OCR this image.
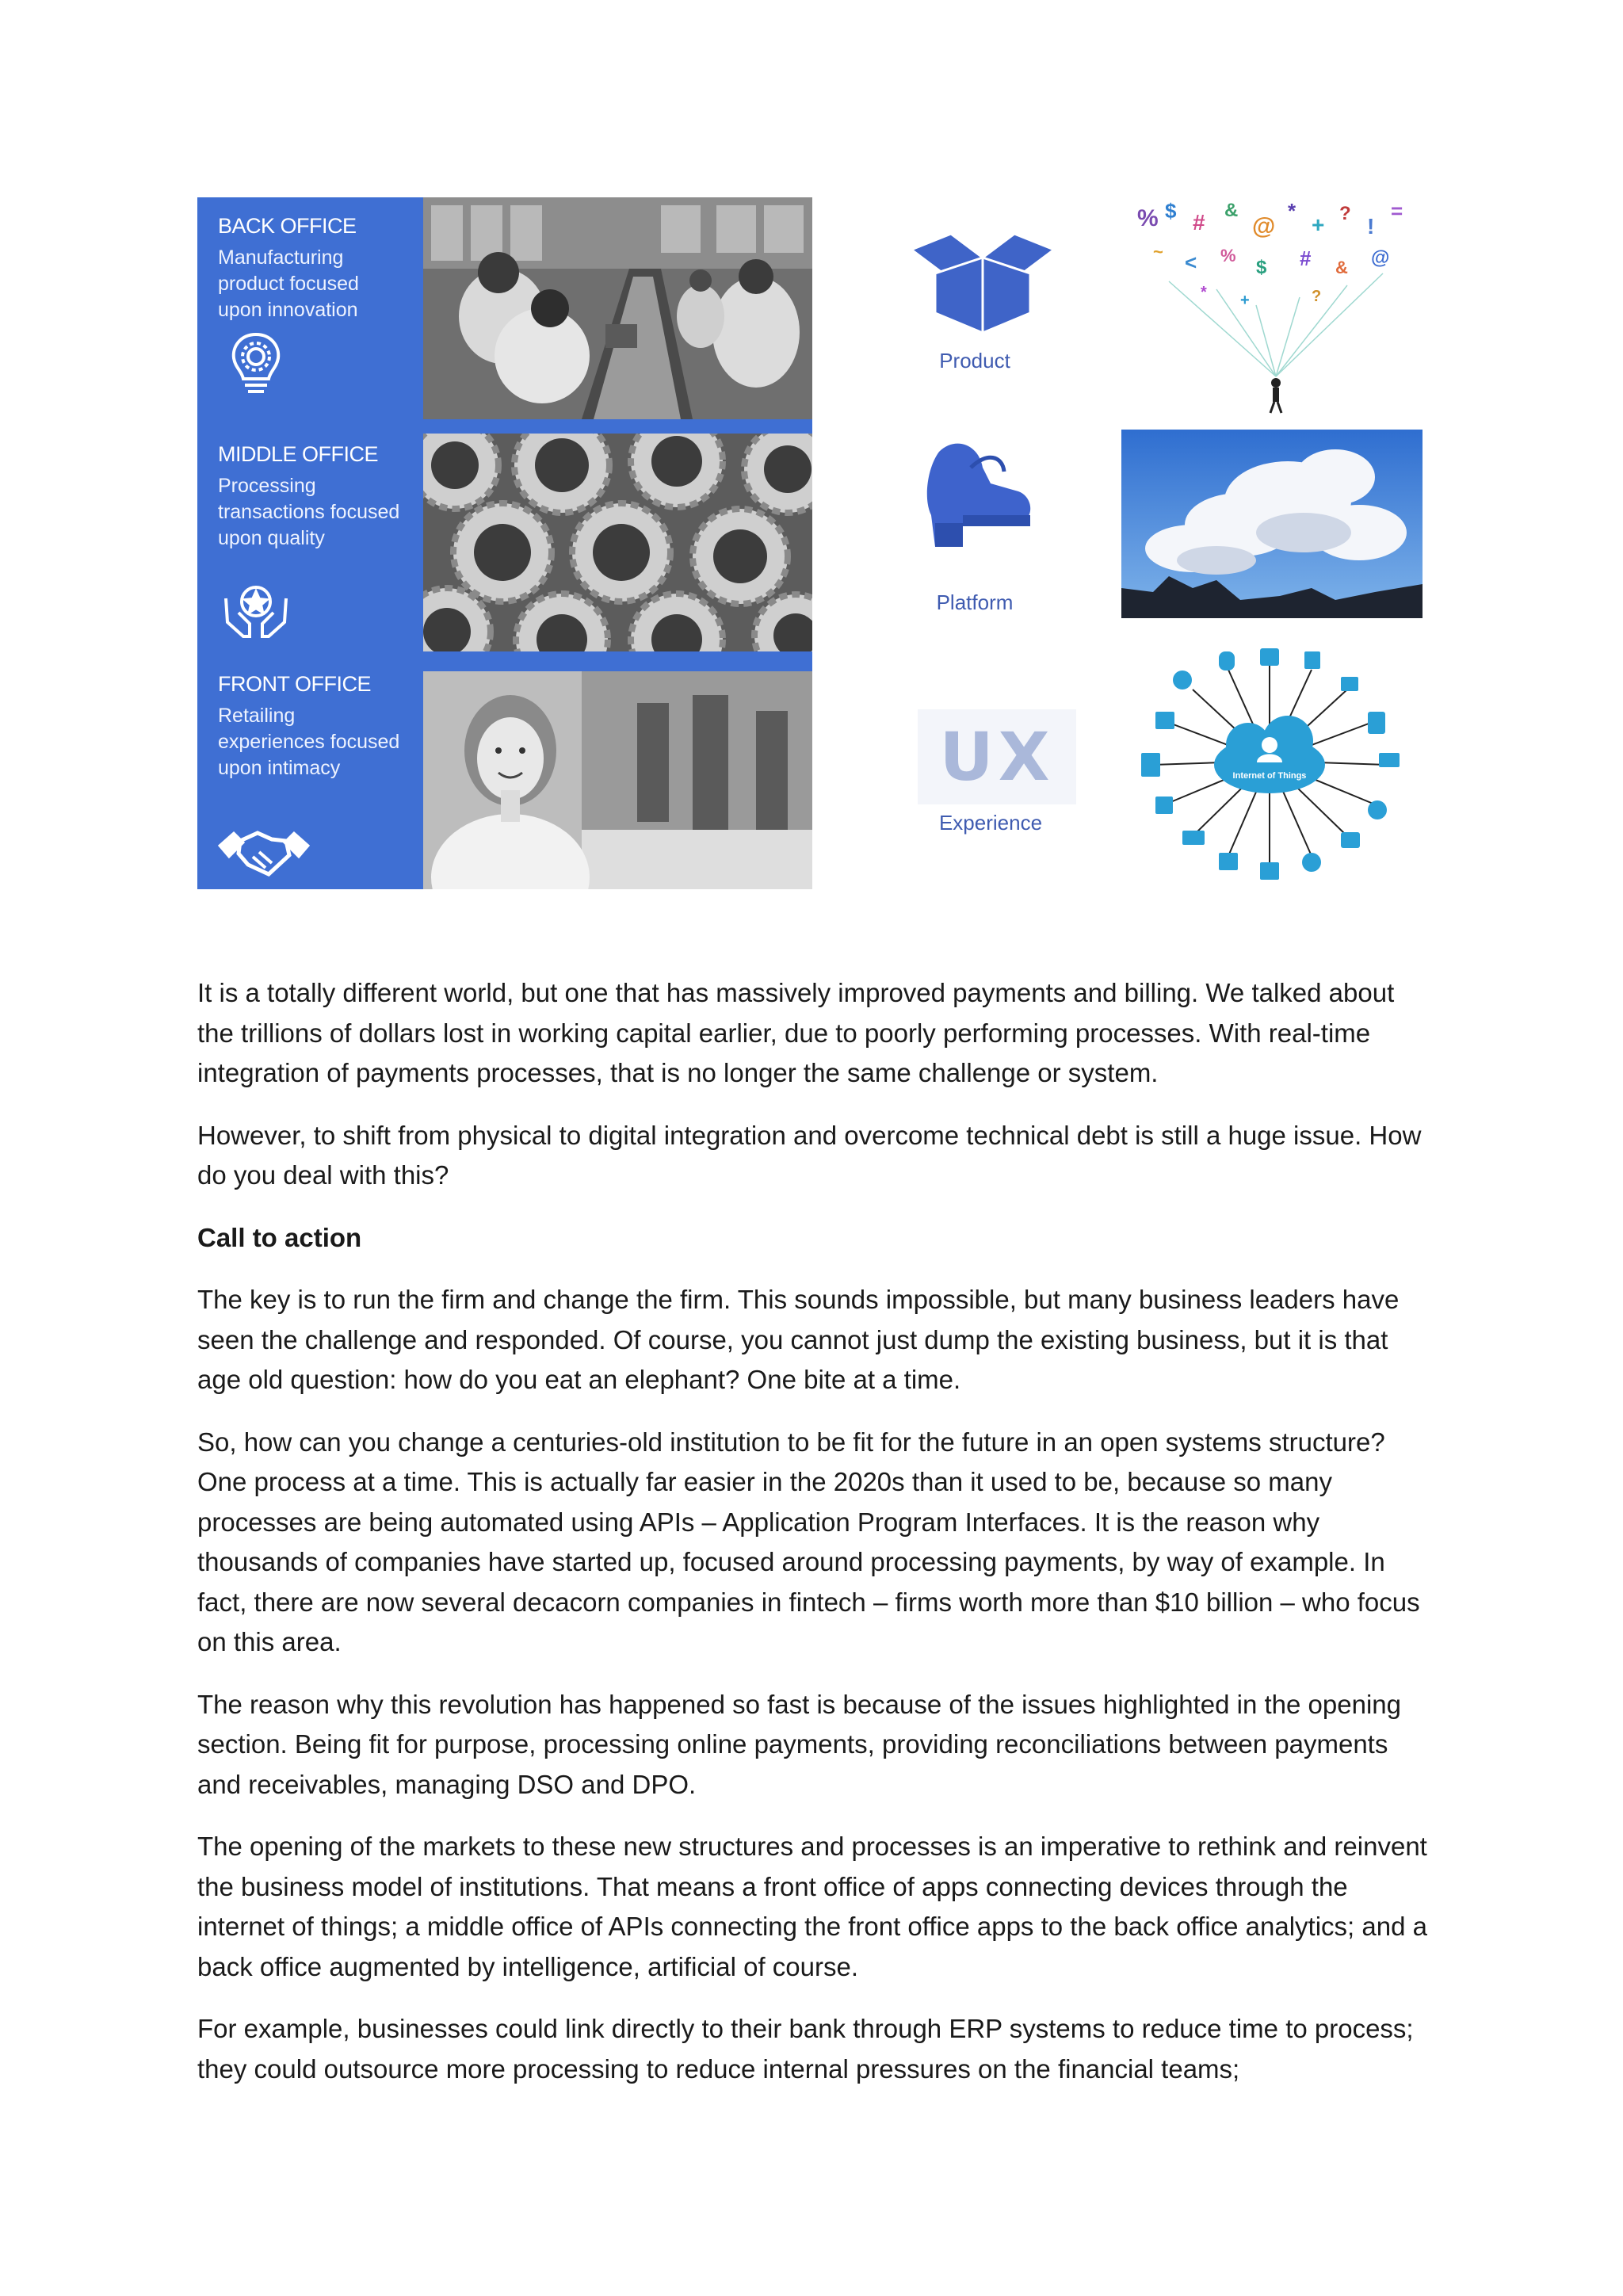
BACK OFFICE
Manufacturing
product focused
upon innovation
MIDDLE OFFICE
Processing
transactions focused
upon quality
FRONT OFFICE
Retailing
experiences focused
upon intimacy
Product
% $ # &
@
*
+ ?
!
=
~ < %
$ # & @
* +	?
Platform
UX
Experience
Internet of Things

It is a totally different world, but one that has massively improved payments and billing. We talked about the trillions of dollars lost in working capital earlier, due to poorly performing processes. With real-time integration of payments processes, that is no longer the same challenge or system.

However, to shift from physical to digital integration and overcome technical debt is still a huge issue. How do you deal with this?

Call to action

The key is to run the firm and change the firm. This sounds impossible, but many business leaders have seen the challenge and responded. Of course, you cannot just dump the existing business, but it is that age old question: how do you eat an elephant? One bite at a time.

So, how can you change a centuries-old institution to be fit for the future in an open systems structure? One process at a time. This is actually far easier in the 2020s than it used to be, because so many processes are being automated using APIs – Application Program Interfaces. It is the reason why thousands of companies have started up, focused around processing payments, by way of example. In fact, there are now several decacorn companies in fintech – firms worth more than $10 billion – who focus on this area.

The reason why this revolution has happened so fast is because of the issues highlighted in the opening section. Being fit for purpose, processing online payments, providing reconciliations between payments and receivables, managing DSO and DPO.

The opening of the markets to these new structures and processes is an imperative to rethink and reinvent the business model of institutions. That means a front office of apps connecting devices through the internet of things; a middle office of APIs connecting the front office apps to the back office analytics; and a back office augmented by intelligence, artificial of course.

For example, businesses could link directly to their bank through ERP systems to reduce time to process; they could outsource more processing to reduce internal pressures on the financial teams;
